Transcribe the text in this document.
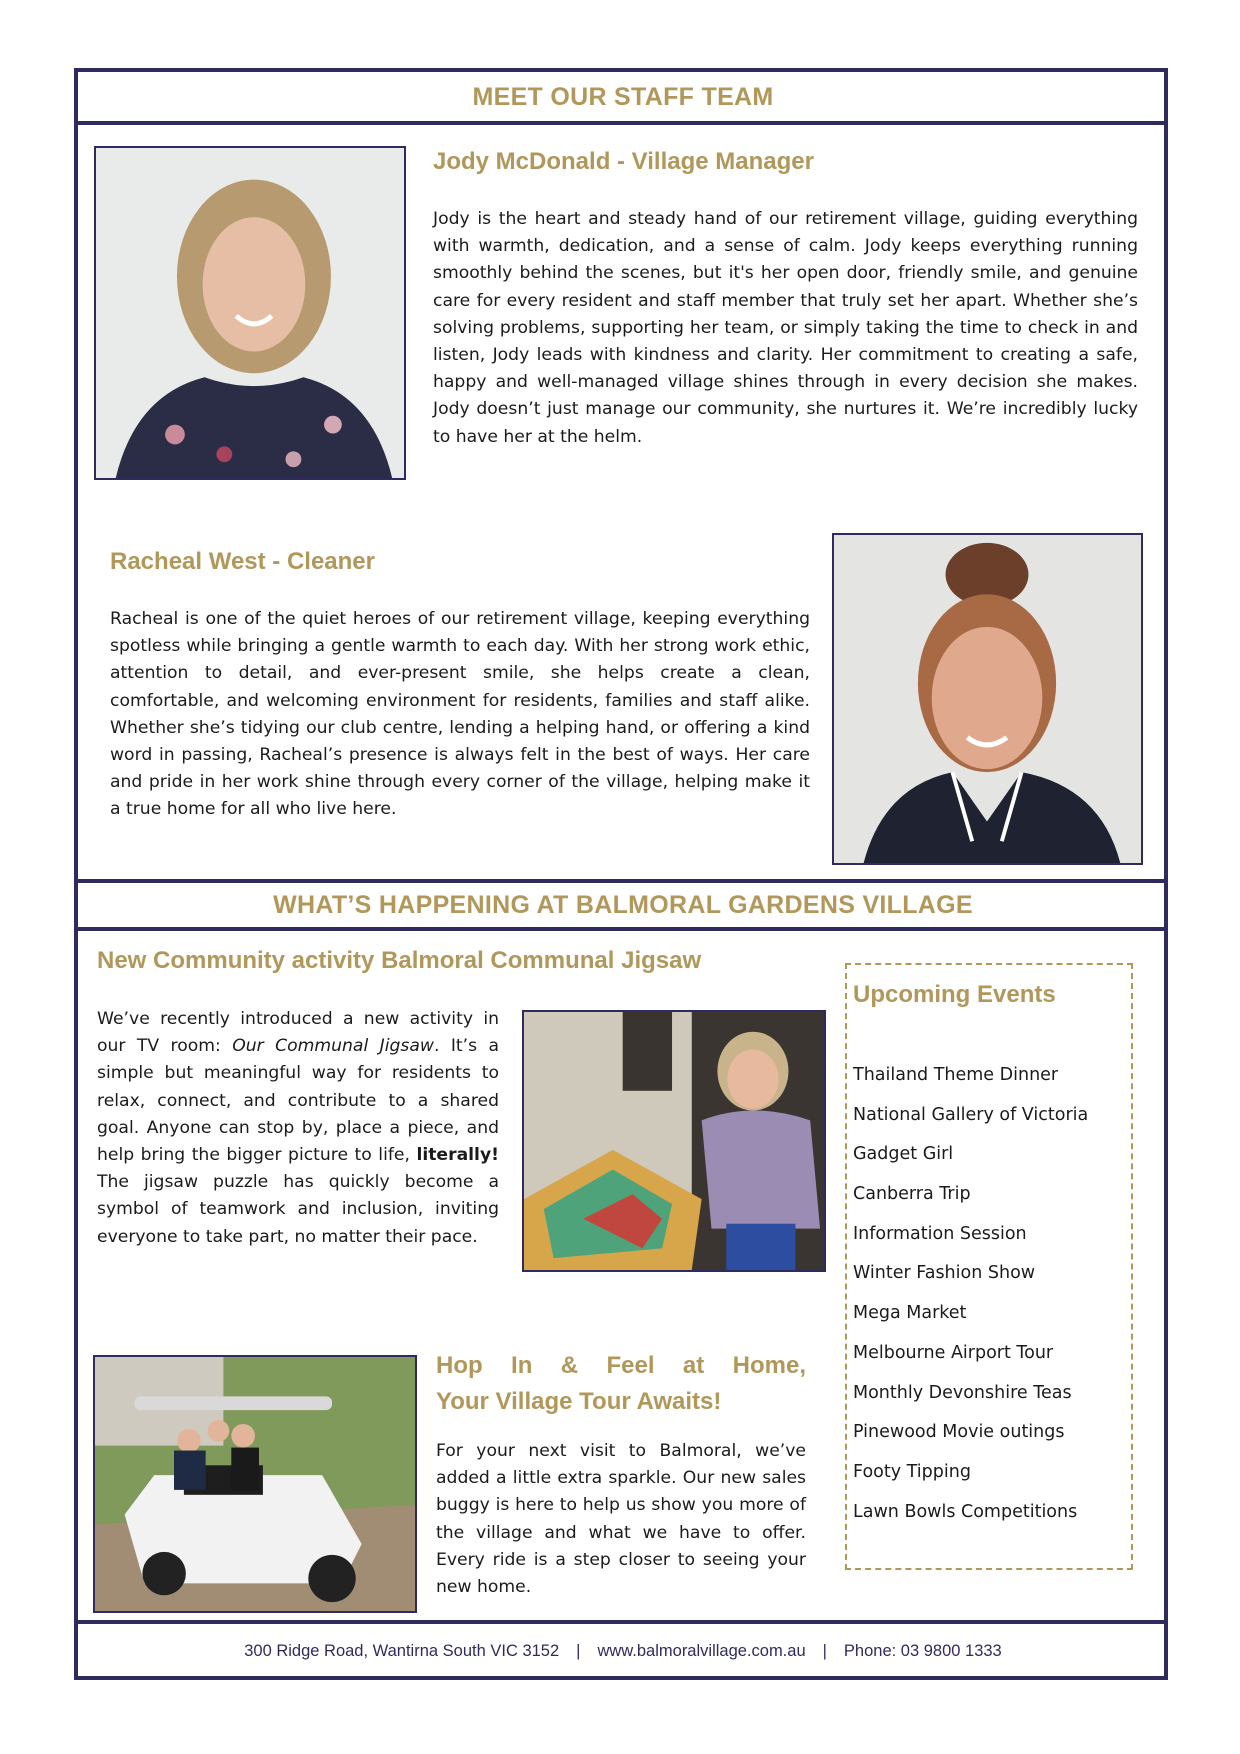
MEET OUR STAFF TEAM
Jody McDonald - Village Manager
Jody is the heart and steady hand of our retirement village, guiding everything with warmth, dedication, and a sense of calm. Jody keeps everything running smoothly behind the scenes, but it's her open door, friendly smile, and genuine care for every resident and staff member that truly set her apart. Whether she’s solving problems, supporting her team, or simply taking the time to check in and listen, Jody leads with kindness and clarity. Her commitment to creating a safe, happy and well-managed village shines through in every decision she makes. Jody doesn’t just manage our community, she nurtures it. We’re incredibly lucky to have her at the helm.
Racheal West - Cleaner
Racheal is one of the quiet heroes of our retirement village, keeping everything spotless while bringing a gentle warmth to each day. With her strong work ethic, attention to detail, and ever-present smile, she helps create a clean, comfortable, and welcoming environment for residents, families and staff alike. Whether she’s tidying our club centre, lending a helping hand, or offering a kind word in passing, Racheal’s presence is always felt in the best of ways. Her care and pride in her work shine through every corner of the village, helping make it a true home for all who live here.
WHAT’S HAPPENING AT BALMORAL GARDENS VILLAGE
New Community activity Balmoral Communal Jigsaw
We’ve recently introduced a new activity in our TV room: Our Communal Jigsaw. It’s a simple but meaningful way for residents to relax, connect, and contribute to a shared goal. Anyone can stop by, place a piece, and help bring the bigger picture to life, literally! The jigsaw puzzle has quickly become a symbol of teamwork and inclusion, inviting everyone to take part, no matter their pace.
Upcoming Events
Thailand Theme Dinner
National Gallery of Victoria
Gadget Girl
Canberra Trip
Information Session
Winter Fashion Show
Mega Market
Melbourne Airport Tour
Monthly Devonshire Teas
Pinewood Movie outings
Footy Tipping
Lawn Bowls Competitions
Hop In & Feel at Home,
Your Village Tour Awaits!
For your next visit to Balmoral, we’ve added a little extra sparkle. Our new sales buggy is here to help us show you more of the village and what we have to offer. Every ride is a step closer to seeing your new home.
300 Ridge Road, Wantirna South VIC 3152 | www.balmoralvillage.com.au | Phone: 03 9800 1333
